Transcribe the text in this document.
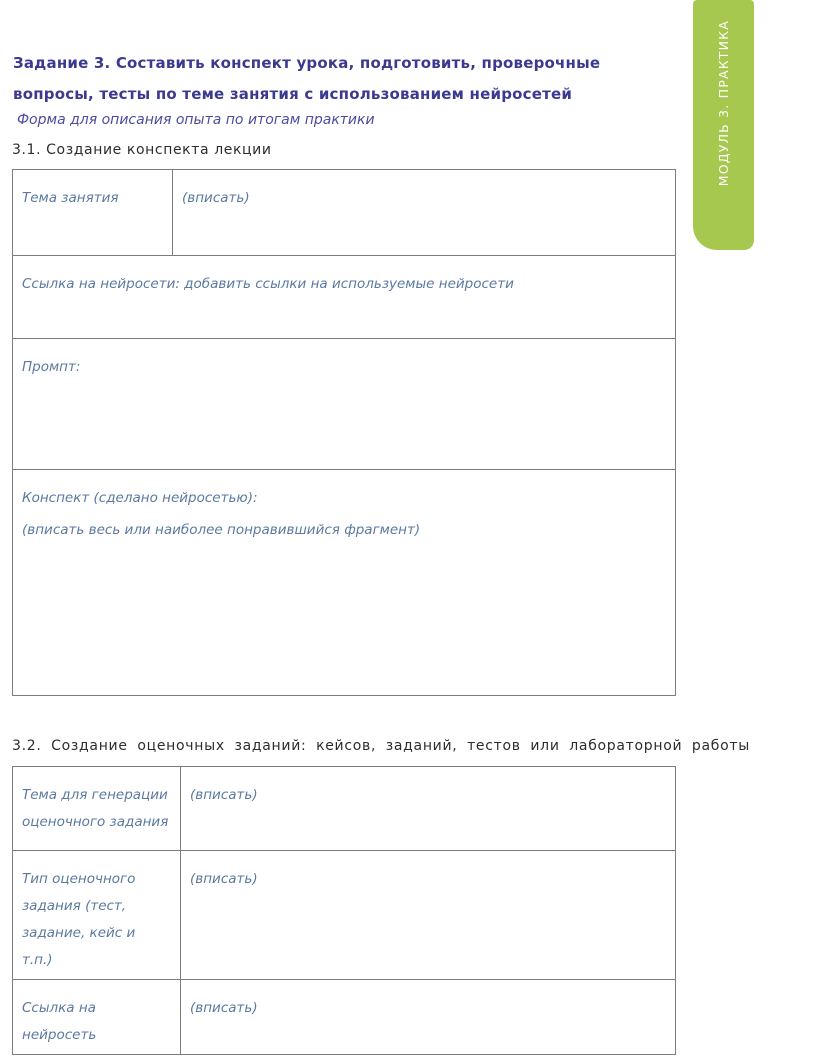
МОДУЛЬ 3. ПРАКТИКА
Задание 3. Составить конспект урока, подготовить, проверочные вопросы, тесты по теме занятия с использованием нейросетей
Форма для описания опыта по итогам практики
3.1. Создание конспекта лекции
Тема занятия	(вписать)
Ссылка на нейросети: добавить ссылки на используемые нейросети
Промпт:

Конспект (сделано нейросетью):

(вписать весь или наиболее понравившийся фрагмент)

3.2. Создание оценочных заданий: кейсов, заданий, тестов или лабораторной работы
Тема для генерации оценочного задания	(вписать)
Тип оценочного задания (тест, задание, кейс и т.п.)	(вписать)
Ссылка на нейросеть	(вписать)
